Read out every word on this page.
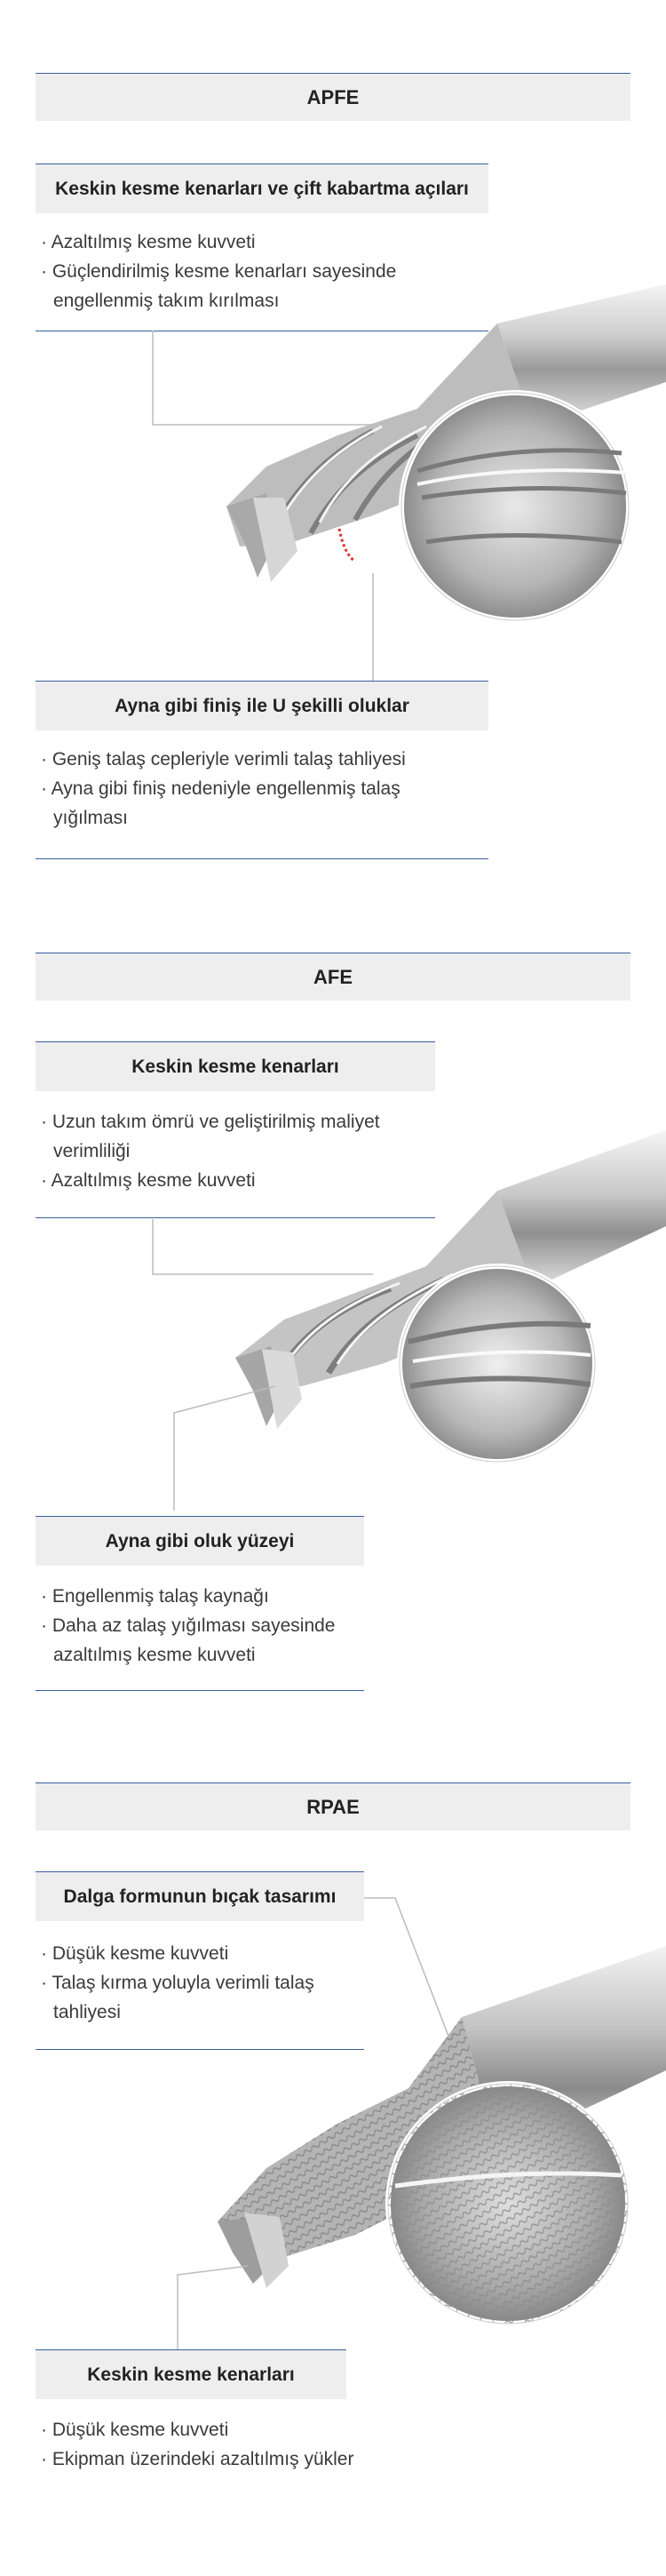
APFE
Keskin kesme kenarları ve çift kabartma açıları
· Azaltılmış kesme kuvveti
· Güçlendirilmiş kesme kenarları sayesinde engellenmiş takım kırılması
Ayna gibi finiş ile U şekilli oluklar
· Geniş talaş cepleriyle verimli talaş tahliyesi
· Ayna gibi finiş nedeniyle engellenmiş talaş yığılması
AFE
Keskin kesme kenarları
· Uzun takım ömrü ve geliştirilmiş maliyet verimliliği
· Azaltılmış kesme kuvveti
Ayna gibi oluk yüzeyi
· Engellenmiş talaş kaynağı
· Daha az talaş yığılması sayesinde azaltılmış kesme kuvveti
RPAE
Dalga formunun bıçak tasarımı
· Düşük kesme kuvveti
· Talaş kırma yoluyla verimli talaş tahliyesi
Keskin kesme kenarları
· Düşük kesme kuvveti
· Ekipman üzerindeki azaltılmış yükler
